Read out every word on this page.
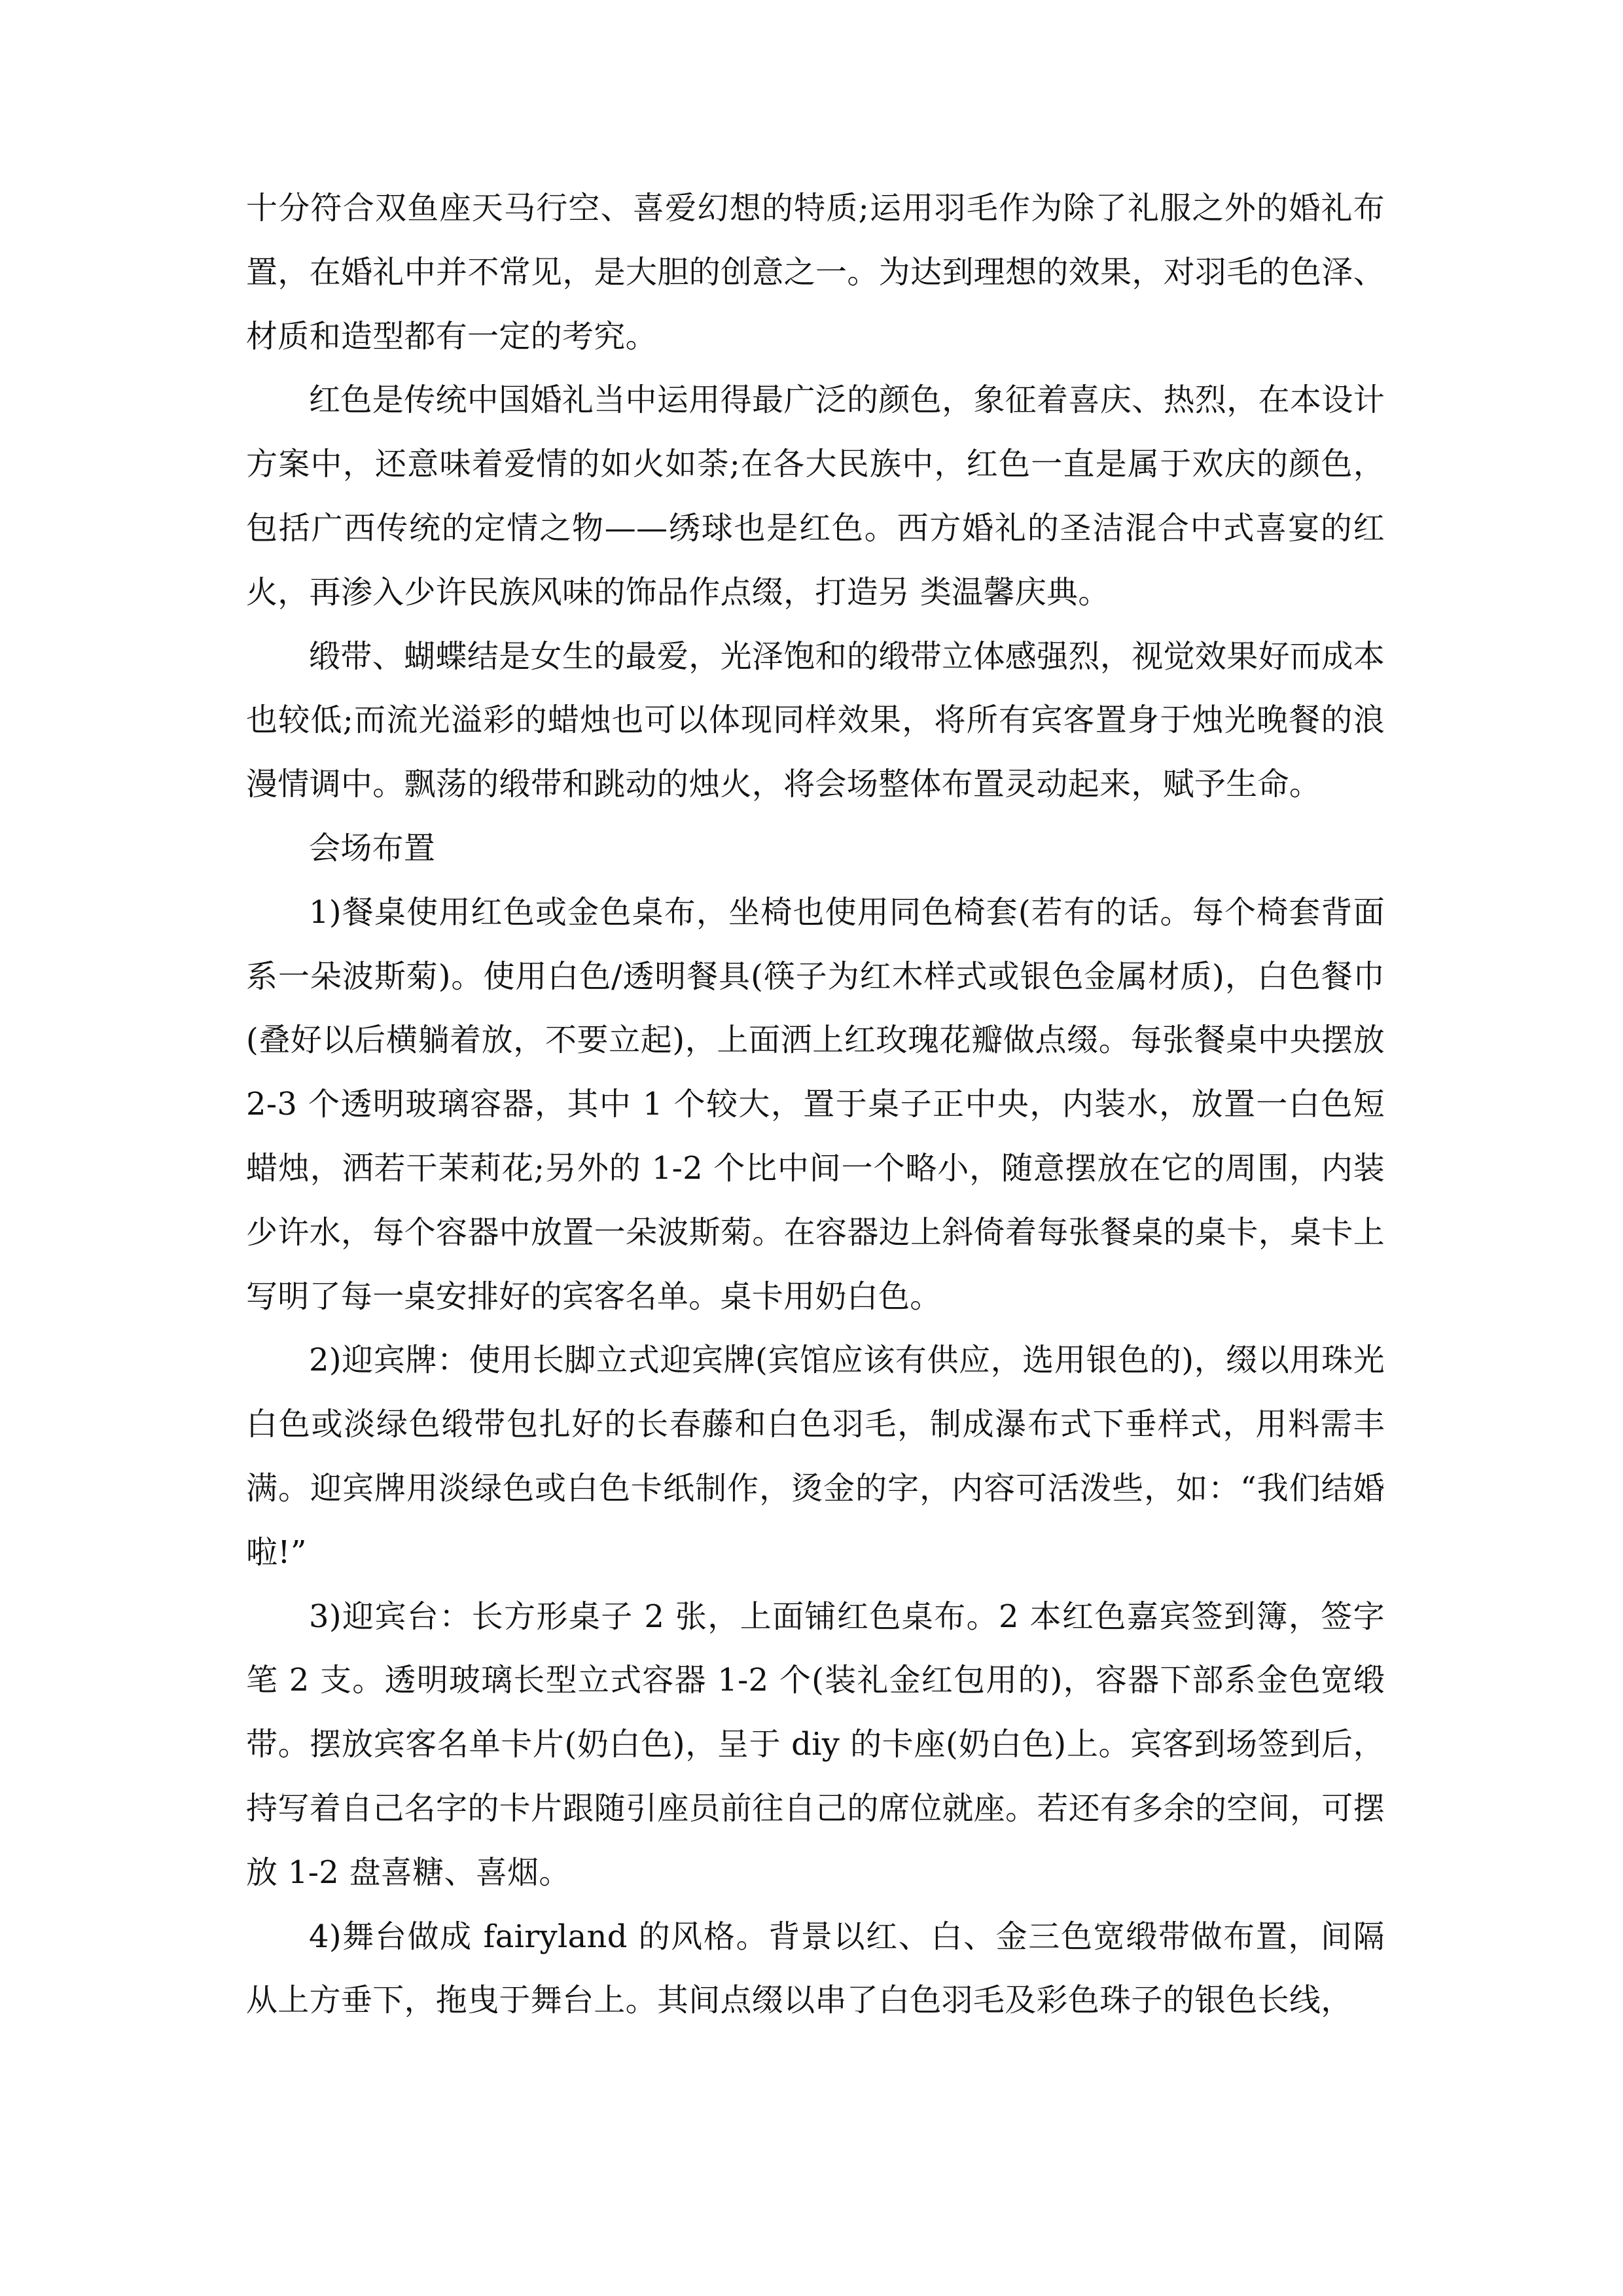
十分符合双鱼座天马行空、喜爱幻想的特质;运用羽毛作为除了礼服之外的婚礼布置，在婚礼中并不常见，是大胆的创意之一。为达到理想的效果，对羽毛的色泽、材质和造型都有一定的考究。

红色是传统中国婚礼当中运用得最广泛的颜色，象征着喜庆、热烈，在本设计方案中，还意味着爱情的如火如荼;在各大民族中，红色一直是属于欢庆的颜色，包括广西传统的定情之物——绣球也是红色。西方婚礼的圣洁混合中式喜宴的红火，再渗入少许民族风味的饰品作点缀，打造另 类温馨庆典。

缎带、蝴蝶结是女生的最爱，光泽饱和的缎带立体感强烈，视觉效果好而成本也较低;而流光溢彩的蜡烛也可以体现同样效果，将所有宾客置身于烛光晚餐的浪漫情调中。飘荡的缎带和跳动的烛火，将会场整体布置灵动起来，赋予生命。

会场布置

1)餐桌使用红色或金色桌布，坐椅也使用同色椅套(若有的话。每个椅套背面系一朵波斯菊)。使用白色/透明餐具(筷子为红木样式或银色金属材质)，白色餐巾(叠好以后横躺着放，不要立起)，上面洒上红玫瑰花瓣做点缀。每张餐桌中央摆放 2-3 个透明玻璃容器，其中 1 个较大，置于桌子正中央，内装水，放置一白色短蜡烛，洒若干茉莉花;另外的 1-2 个比中间一个略小，随意摆放在它的周围，内装少许水，每个容器中放置一朵波斯菊。在容器边上斜倚着每张餐桌的桌卡，桌卡上写明了每一桌安排好的宾客名单。桌卡用奶白色。

2)迎宾牌：使用长脚立式迎宾牌(宾馆应该有供应，选用银色的)，缀以用珠光白色或淡绿色缎带包扎好的长春藤和白色羽毛，制成瀑布式下垂样式，用料需丰满。迎宾牌用淡绿色或白色卡纸制作，烫金的字，内容可活泼些，如：“我们结婚啦!”

3)迎宾台：长方形桌子 2 张，上面铺红色桌布。2 本红色嘉宾签到簿，签字笔 2 支。透明玻璃长型立式容器 1-2 个(装礼金红包用的)，容器下部系金色宽缎带。摆放宾客名单卡片(奶白色)，呈于 diy 的卡座(奶白色)上。宾客到场签到后，持写着自己名字的卡片跟随引座员前往自己的席位就座。若还有多余的空间，可摆放 1-2 盘喜糖、喜烟。

4)舞台做成 fairyland 的风格。背景以红、白、金三色宽缎带做布置，间隔从上方垂下，拖曳于舞台上。其间点缀以串了白色羽毛及彩色珠子的银色长线，
